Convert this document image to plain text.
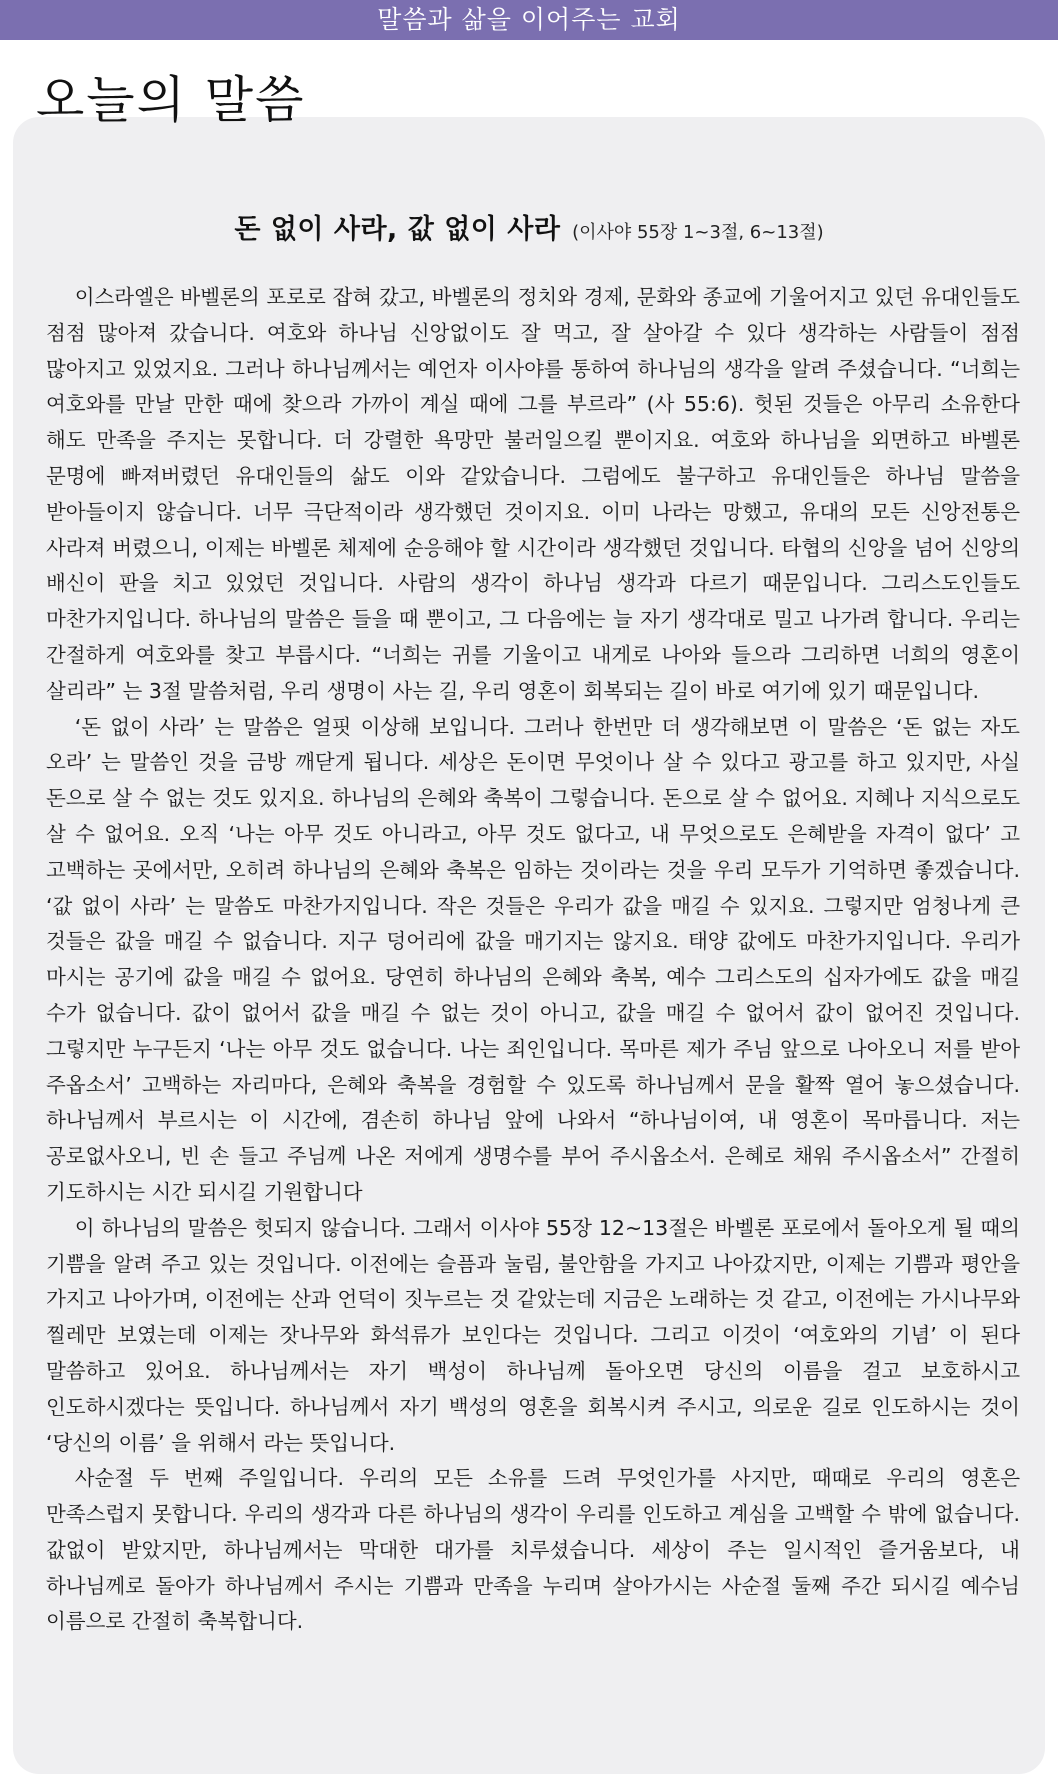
말씀과 삶을 이어주는 교회
오늘의 말씀
돈 없이 사라, 값 없이 사라 (이사야 55장 1~3절, 6~13절)

이스라엘은 바벨론의 포로로 잡혀 갔고, 바벨론의 정치와 경제, 문화와 종교에 기울어지고 있던 유대인들도 점점 많아져 갔습니다. 여호와 하나님 신앙없이도 잘 먹고, 잘 살아갈 수 있다 생각하는 사람들이 점점 많아지고 있었지요. 그러나 하나님께서는 예언자 이사야를 통하여 하나님의 생각을 알려 주셨습니다. “너희는 여호와를 만날 만한 때에 찾으라 가까이 계실 때에 그를 부르라” (사 55:6). 헛된 것들은 아무리 소유한다 해도 만족을 주지는 못합니다. 더 강렬한 욕망만 불러일으킬 뿐이지요. 여호와 하나님을 외면하고 바벨론 문명에 빠져버렸던 유대인들의 삶도 이와 같았습니다. 그럼에도 불구하고 유대인들은 하나님 말씀을 받아들이지 않습니다. 너무 극단적이라 생각했던 것이지요. 이미 나라는 망했고, 유대의 모든 신앙전통은 사라져 버렸으니, 이제는 바벨론 체제에 순응해야 할 시간이라 생각했던 것입니다. 타협의 신앙을 넘어 신앙의 배신이 판을 치고 있었던 것입니다. 사람의 생각이 하나님 생각과 다르기 때문입니다. 그리스도인들도 마찬가지입니다. 하나님의 말씀은 들을 때 뿐이고, 그 다음에는 늘 자기 생각대로 밀고 나가려 합니다. 우리는 간절하게 여호와를 찾고 부릅시다. “너희는 귀를 기울이고 내게로 나아와 들으라 그리하면 너희의 영혼이 살리라” 는 3절 말씀처럼, 우리 생명이 사는 길, 우리 영혼이 회복되는 길이 바로 여기에 있기 때문입니다.

‘돈 없이 사라’ 는 말씀은 얼핏 이상해 보입니다. 그러나 한번만 더 생각해보면 이 말씀은 ‘돈 없는 자도 오라’ 는 말씀인 것을 금방 깨닫게 됩니다. 세상은 돈이면 무엇이나 살 수 있다고 광고를 하고 있지만, 사실 돈으로 살 수 없는 것도 있지요. 하나님의 은혜와 축복이 그렇습니다. 돈으로 살 수 없어요. 지혜나 지식으로도 살 수 없어요. 오직 ‘나는 아무 것도 아니라고, 아무 것도 없다고, 내 무엇으로도 은혜받을 자격이 없다’ 고 고백하는 곳에서만, 오히려 하나님의 은혜와 축복은 임하는 것이라는 것을 우리 모두가 기억하면 좋겠습니다. ‘값 없이 사라’ 는 말씀도 마찬가지입니다. 작은 것들은 우리가 값을 매길 수 있지요. 그렇지만 엄청나게 큰 것들은 값을 매길 수 없습니다. 지구 덩어리에 값을 매기지는 않지요. 태양 값에도 마찬가지입니다. 우리가 마시는 공기에 값을 매길 수 없어요. 당연히 하나님의 은혜와 축복, 예수 그리스도의 십자가에도 값을 매길 수가 없습니다. 값이 없어서 값을 매길 수 없는 것이 아니고, 값을 매길 수 없어서 값이 없어진 것입니다. 그렇지만 누구든지 ‘나는 아무 것도 없습니다. 나는 죄인입니다. 목마른 제가 주님 앞으로 나아오니 저를 받아 주옵소서’ 고백하는 자리마다, 은혜와 축복을 경험할 수 있도록 하나님께서 문을 활짝 열어 놓으셨습니다. 하나님께서 부르시는 이 시간에, 겸손히 하나님 앞에 나와서 “하나님이여, 내 영혼이 목마릅니다. 저는 공로없사오니, 빈 손 들고 주님께 나온 저에게 생명수를 부어 주시옵소서. 은혜로 채워 주시옵소서” 간절히 기도하시는 시간 되시길 기원합니다

이 하나님의 말씀은 헛되지 않습니다. 그래서 이사야 55장 12~13절은 바벨론 포로에서 돌아오게 될 때의 기쁨을 알려 주고 있는 것입니다. 이전에는 슬픔과 눌림, 불안함을 가지고 나아갔지만, 이제는 기쁨과 평안을 가지고 나아가며, 이전에는 산과 언덕이 짓누르는 것 같았는데 지금은 노래하는 것 같고, 이전에는 가시나무와 찔레만 보였는데 이제는 잣나무와 화석류가 보인다는 것입니다. 그리고 이것이 ‘여호와의 기념’ 이 된다 말씀하고 있어요. 하나님께서는 자기 백성이 하나님께 돌아오면 당신의 이름을 걸고 보호하시고 인도하시겠다는 뜻입니다. 하나님께서 자기 백성의 영혼을 회복시켜 주시고, 의로운 길로 인도하시는 것이 ‘당신의 이름’ 을 위해서 라는 뜻입니다.

사순절 두 번째 주일입니다. 우리의 모든 소유를 드려 무엇인가를 사지만, 때때로 우리의 영혼은 만족스럽지 못합니다. 우리의 생각과 다른 하나님의 생각이 우리를 인도하고 계심을 고백할 수 밖에 없습니다. 값없이 받았지만, 하나님께서는 막대한 대가를 치루셨습니다. 세상이 주는 일시적인 즐거움보다, 내 하나님께로 돌아가 하나님께서 주시는 기쁨과 만족을 누리며 살아가시는 사순절 둘째 주간 되시길 예수님 이름으로 간절히 축복합니다.
